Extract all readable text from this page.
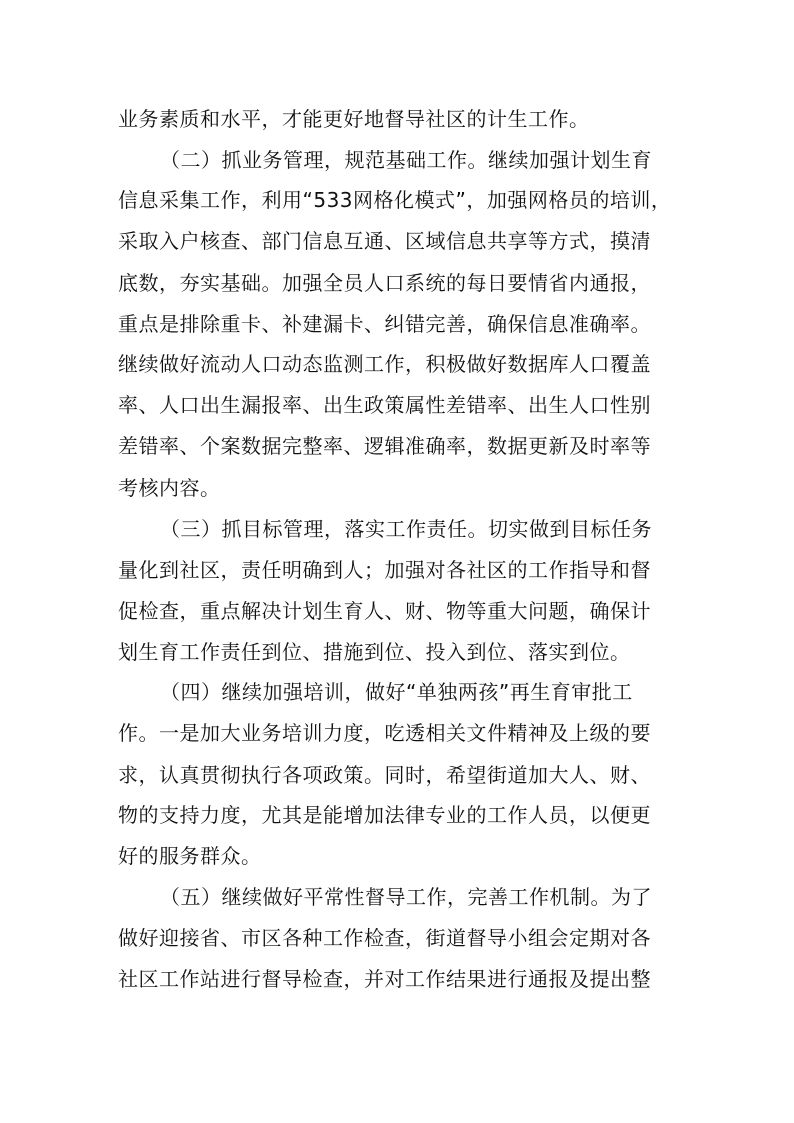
业务素质和水平，才能更好地督导社区的计生工作。
（二）抓业务管理，规范基础工作。继续加强计划生育
信息采集工作，利用“533网格化模式”，加强网格员的培训，
采取入户核查、部门信息互通、区域信息共享等方式，摸清
底数，夯实基础。加强全员人口系统的每日要情省内通报，
重点是排除重卡、补建漏卡、纠错完善，确保信息准确率。
继续做好流动人口动态监测工作，积极做好数据库人口覆盖
率、人口出生漏报率、出生政策属性差错率、出生人口性别
差错率、个案数据完整率、逻辑准确率，数据更新及时率等
考核内容。
（三）抓目标管理，落实工作责任。切实做到目标任务
量化到社区，责任明确到人；加强对各社区的工作指导和督
促检查，重点解决计划生育人、财、物等重大问题，确保计
划生育工作责任到位、措施到位、投入到位、落实到位。
（四）继续加强培训，做好“单独两孩”再生育审批工
作。一是加大业务培训力度，吃透相关文件精神及上级的要
求，认真贯彻执行各项政策。同时，希望街道加大人、财、
物的支持力度，尤其是能增加法律专业的工作人员，以便更
好的服务群众。
（五）继续做好平常性督导工作，完善工作机制。为了
做好迎接省、市区各种工作检查，街道督导小组会定期对各
社区工作站进行督导检查，并对工作结果进行通报及提出整
